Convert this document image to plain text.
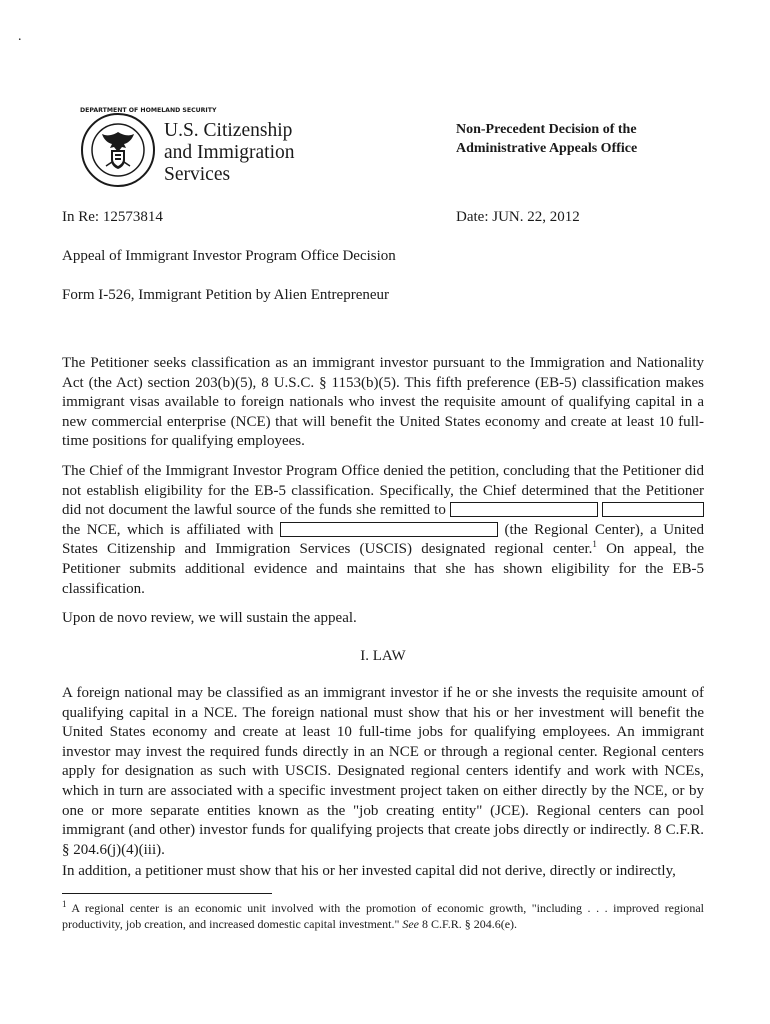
.
DEPARTMENT OF HOMELAND SECURITY
U.S. Citizenship
and Immigration
Services
Non-Precedent Decision of the
Administrative Appeals Office
In Re: 12573814	Date: JUN. 22, 2012
Appeal of Immigrant Investor Program Office Decision
Form I-526, Immigrant Petition by Alien Entrepreneur

The Petitioner seeks classification as an immigrant investor pursuant to the Immigration and Nationality Act (the Act) section 203(b)(5), 8 U.S.C. § 1153(b)(5). This fifth preference (EB-5) classification makes immigrant visas available to foreign nationals who invest the requisite amount of qualifying capital in a new commercial enterprise (NCE) that will benefit the United States economy and create at least 10 full-time positions for qualifying employees.

The Chief of the Immigrant Investor Program Office denied the petition, concluding that the Petitioner did not establish eligibility for the EB-5 classification. Specifically, the Chief determined that the Petitioner did not document the lawful source of the funds she remitted to   the NCE, which is affiliated with	(the Regional Center), a United States Citizenship and Immigration Services (USCIS) designated regional center.$^1$ On appeal, the Petitioner submits additional evidence and maintains that she has shown eligibility for the EB-5 classification.

Upon de novo review, we will sustain the appeal.

I. LAW

A foreign national may be classified as an immigrant investor if he or she invests the requisite amount of qualifying capital in a NCE. The foreign national must show that his or her investment will benefit the United States economy and create at least 10 full-time jobs for qualifying employees. An immigrant investor may invest the required funds directly in an NCE or through a regional center. Regional centers apply for designation as such with USCIS. Designated regional centers identify and work with NCEs, which in turn are associated with a specific investment project taken on either directly by the NCE, or by one or more separate entities known as the "job creating entity" (JCE). Regional centers can pool immigrant (and other) investor funds for qualifying projects that create jobs directly or indirectly. 8 C.F.R. § 204.6(j)(4)(iii).

In addition, a petitioner must show that his or her invested capital did not derive, directly or indirectly,

$^1$ A regional center is an economic unit involved with the promotion of economic growth, "including . . . improved regional productivity, job creation, and increased domestic capital investment." See 8 C.F.R. § 204.6(e).
